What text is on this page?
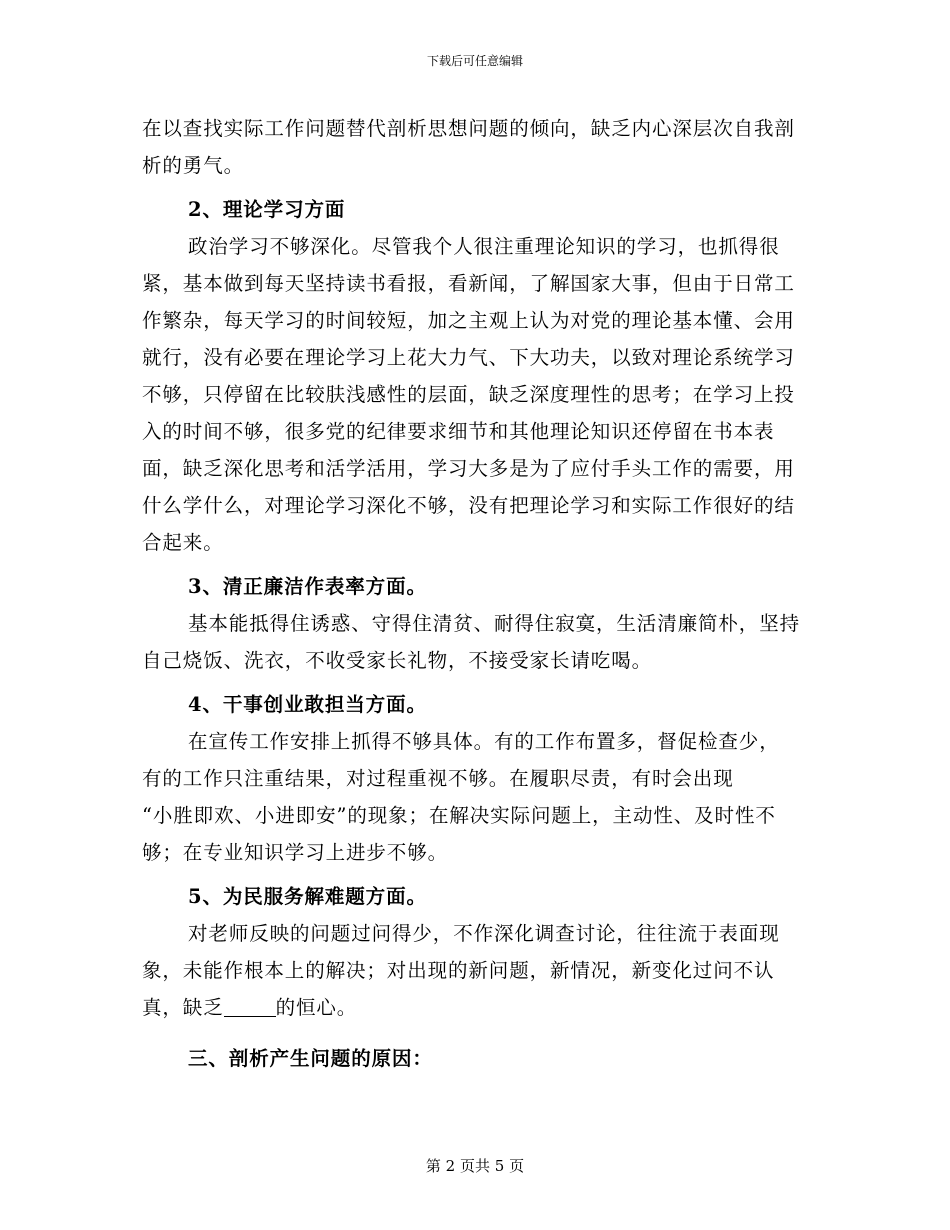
下载后可任意编辑

在以查找实际工作问题替代剖析思想问题的倾向，缺乏内心深层次自我剖析的勇气。

2、理论学习方面

政治学习不够深化。尽管我个人很注重理论知识的学习，也抓得很紧，基本做到每天坚持读书看报，看新闻，了解国家大事，但由于日常工作繁杂，每天学习的时间较短，加之主观上认为对党的理论基本懂、会用就行，没有必要在理论学习上花大力气、下大功夫，以致对理论系统学习不够，只停留在比较肤浅感性的层面，缺乏深度理性的思考；在学习上投入的时间不够，很多党的纪律要求细节和其他理论知识还停留在书本表面，缺乏深化思考和活学活用，学习大多是为了应付手头工作的需要，用什么学什么，对理论学习深化不够，没有把理论学习和实际工作很好的结合起来。

3、清正廉洁作表率方面。

基本能抵得住诱惑、守得住清贫、耐得住寂寞，生活清廉简朴，坚持自己烧饭、洗衣，不收受家长礼物，不接受家长请吃喝。

4、干事创业敢担当方面。

在宣传工作安排上抓得不够具体。有的工作布置多，督促检查少，
有的工作只注重结果，对过程重视不够。在履职尽责，有时会出现
“小胜即欢、小进即安”的现象；在解决实际问题上，主动性、及时性不够；在专业知识学习上进步不够。

5、为民服务解难题方面。

对老师反映的问题过问得少，不作深化调查讨论，往往流于表面现象，未能作根本上的解决；对出现的新问题，新情况，新变化过问不认真，缺乏	的恒心。

三、剖析产生问题的原因：

第 2 页共 5 页
